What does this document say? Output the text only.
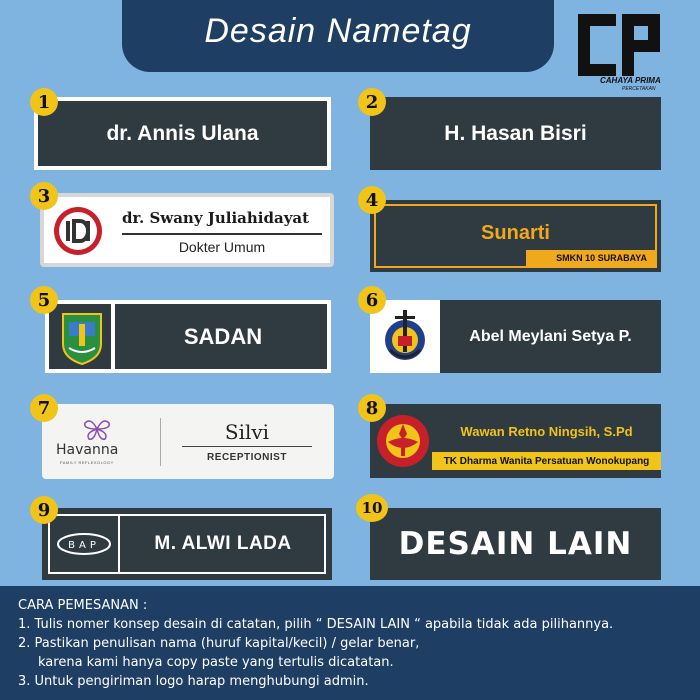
Desain Nametag
CAHAYA PRIMA
PERCETAKAN
1	2
3	4
5	6
7	8
9	10
dr. Annis Ulana	H. Hasan Bisri
dr. Swany Juliahidayat
Dokter Umum
Sunarti
SMKN 10 SURABAYA
SADAN	Abel Meylani Setya P.
Havanna
FAMILY REFLEXOLOGY
Silvi
RECEPTIONIST
Wawan Retno Ningsih, S.Pd
TK Dharma Wanita Persatuan Wonokupang
BAP	M. ALWI LADA	DESAIN LAIN
CARA PEMESANAN :
1. Tulis nomer konsep desain di catatan, pilih “ DESAIN LAIN “ apabila tidak ada pilihannya.
2. Pastikan penulisan nama (huruf kapital/kecil) / gelar benar,
karena kami hanya copy paste yang tertulis dicatatan.
3. Untuk pengiriman logo harap menghubungi admin.
